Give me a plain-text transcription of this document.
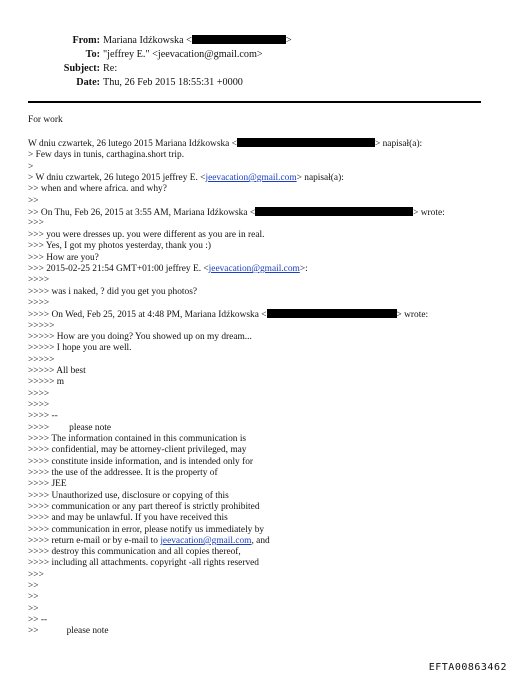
From: Mariana Idźkowska <	>
To: "jeffrey E." <jeevacation@gmail.com>
Subject: Re:
Date: Thu, 26 Feb 2015 18:55:31 +0000
For work
W dniu czwartek, 26 lutego 2015 Mariana Idźkowska <	> napisał(a):
> Few days in tunis, carthagina.short trip.
>
> W dniu czwartek, 26 lutego 2015 jeffrey E. <jeevacation@gmail.com> napisał(a):
>> when and where africa. and why?
>>
>> On Thu, Feb 26, 2015 at 3:55 AM, Mariana Idźkowska <	> wrote:
>>>
>>> you were dresses up. you were different as you are in real.
>>> Yes, I got my photos yesterday, thank you :)
>>> How are you?
>>> 2015-02-25 21:54 GMT+01:00 jeffrey E. <jeevacation@gmail.com>:
>>>>
>>>> was i naked, ? did you get you photos?
>>>>
>>>> On Wed, Feb 25, 2015 at 4:48 PM, Mariana Idźkowska <	> wrote:
>>>>>
>>>>> How are you doing? You showed up on my dream...
>>>>> I hope you are well.
>>>>>
>>>>> All best
>>>>> m
>>>>
>>>>
>>>> --
>>>> please note
>>>> The information contained in this communication is
>>>> confidential, may be attorney-client privileged, may
>>>> constitute inside information, and is intended only for
>>>> the use of the addressee. It is the property of
>>>> JEE
>>>> Unauthorized use, disclosure or copying of this
>>>> communication or any part thereof is strictly prohibited
>>>> and may be unlawful. If you have received this
>>>> communication in error, please notify us immediately by
>>>> return e-mail or by e-mail to jeevacation@gmail.com, and
>>>> destroy this communication and all copies thereof,
>>>> including all attachments. copyright -all rights reserved
>>>
>>
>>
>>
>> --
>>	please note
EFTA00863462
